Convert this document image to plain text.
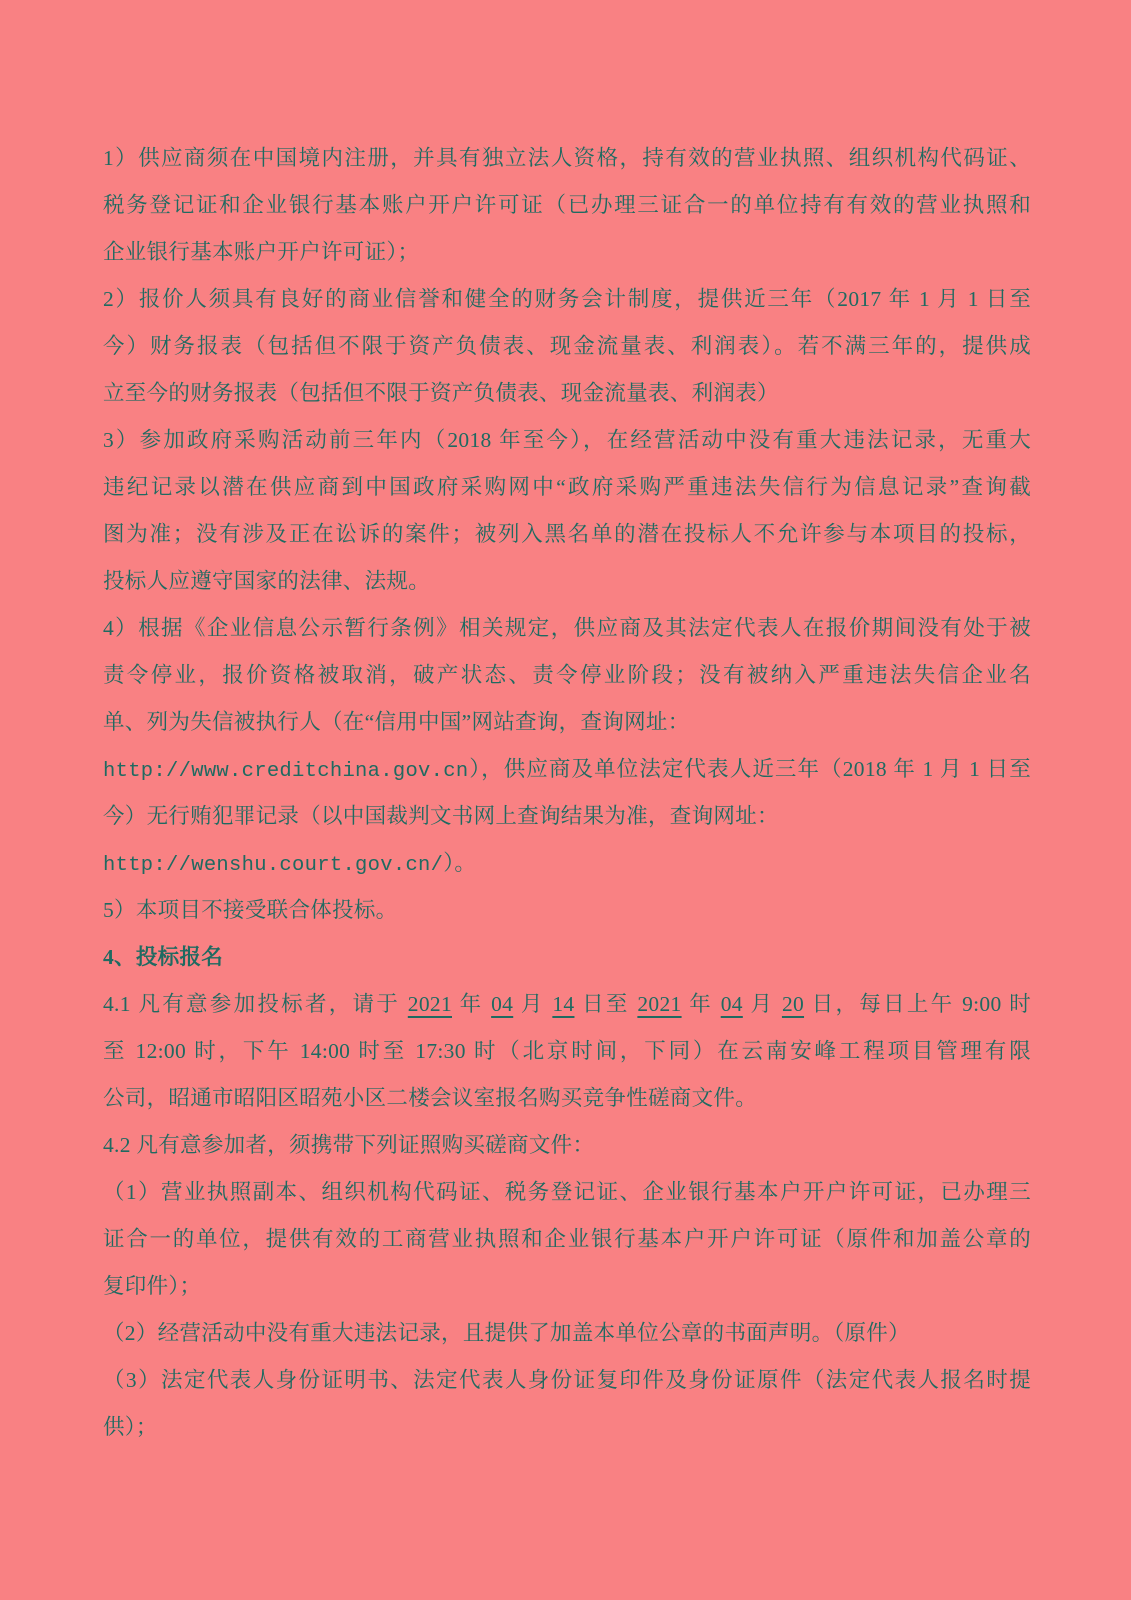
1）供应商须在中国境内注册，并具有独立法人资格，持有效的营业执照、组织机构代码证、
税务登记证和企业银行基本账户开户许可证（已办理三证合一的单位持有有效的营业执照和
企业银行基本账户开户许可证）；
2）报价人须具有良好的商业信誉和健全的财务会计制度，提供近三年（2017 年 1 月 1 日至
今）财务报表（包括但不限于资产负债表、现金流量表、利润表）。若不满三年的，提供成
立至今的财务报表（包括但不限于资产负债表、现金流量表、利润表）
3）参加政府采购活动前三年内（2018 年至今），在经营活动中没有重大违法记录，无重大
违纪记录以潜在供应商到中国政府采购网中“政府采购严重违法失信行为信息记录”查询截
图为准；没有涉及正在讼诉的案件；被列入黑名单的潜在投标人不允许参与本项目的投标，
投标人应遵守国家的法律、法规。
4）根据《企业信息公示暂行条例》相关规定，供应商及其法定代表人在报价期间没有处于被
责令停业，报价资格被取消，破产状态、责令停业阶段；没有被纳入严重违法失信企业名
单、列为失信被执行人（在“信用中国”网站查询，查询网址：
http://www.creditchina.gov.cn），供应商及单位法定代表人近三年（2018 年 1 月 1 日至
今）无行贿犯罪记录（以中国裁判文书网上查询结果为准，查询网址：
http://wenshu.court.gov.cn/）。
5）本项目不接受联合体投标。
4、投标报名
4.1 凡有意参加投标者，请于 2021 年 04 月 14 日至 2021 年 04 月 20 日，每日上午 9:00 时
至 12:00 时，下午 14:00 时至 17:30 时（北京时间，下同）在云南安峰工程项目管理有限
公司，昭通市昭阳区昭苑小区二楼会议室报名购买竞争性磋商文件。
4.2 凡有意参加者，须携带下列证照购买磋商文件：
（1）营业执照副本、组织机构代码证、税务登记证、企业银行基本户开户许可证，已办理三
证合一的单位，提供有效的工商营业执照和企业银行基本户开户许可证（原件和加盖公章的
复印件）；
（2）经营活动中没有重大违法记录，且提供了加盖本单位公章的书面声明。（原件）
（3）法定代表人身份证明书、法定代表人身份证复印件及身份证原件（法定代表人报名时提
供）；
